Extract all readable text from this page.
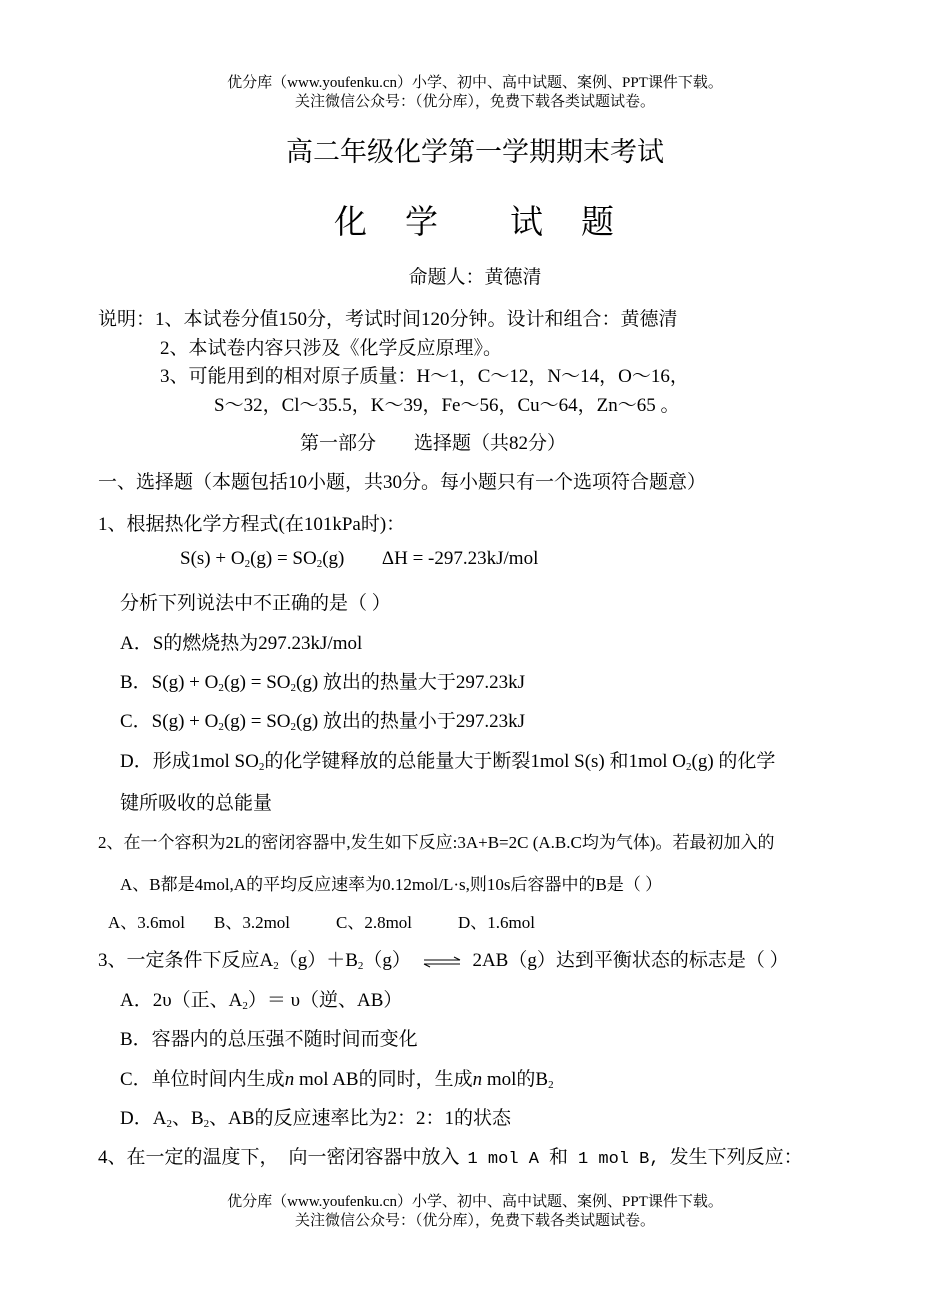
优分库（www.youfenku.cn）小学、初中、高中试题、案例、PPT课件下载。
关注微信公众号：（优分库），免费下载各类试题试卷。
高二年级化学第一学期期末考试
化 学 试 题
命题人：黄德清
说明：1、本试卷分值150分，考试时间120分钟。设计和组合：黄德清
2、本试卷内容只涉及《化学反应原理》。
3、可能用到的相对原子质量：H～1，C～12，N～14，O～16，
S～32，Cl～35.5，K～39，Fe～56，Cu～64，Zn～65 。
第一部分　　选择题（共82分）
一、选择题（本题包括10小题，共30分。每小题只有一个选项符合题意）
1、根据热化学方程式(在101kPa时)：
$S(s) + O_2(g) = SO_2(g) \Delta H = -297.23kJ/mol$
分析下列说法中不正确的是（ ）
A．S的燃烧热为297.23kJ/mol
B．$S(g) + O_2(g) = SO_2(g)$ 放出的热量大于297.23kJ
C．$S(g) + O_2(g) = SO_2(g)$ 放出的热量小于297.23kJ
D．形成1mol $SO_2$的化学键释放的总能量大于断裂1mol S(s) 和1mol $O_2(g)$ 的化学
键所吸收的总能量
2、在一个容积为2L的密闭容器中,发生如下反应:3A+B=2C (A.B.C均为气体)。若最初加入的
A、B都是4mol,A的平均反应速率为0.12mol/L·s,则10s后容器中的B是（ ）
A、3.6mol B、3.2mol	C、2.8mol	D、1.6mol
3、一定条件下反应$A_2(g)+B_2(g)$ ⇌ 2AB（g）达到平衡状态的标志是（ ）
A．2υ（正、$A_2)= \upsilon$（逆、AB）
B．容器内的总压强不随时间而变化
C．单位时间内生成n mol AB的同时，生成n mol的$B_2$
D．$A_2$、$B_2$、AB的反应速率比为2：2：1的状态
4、在一定的温度下， 向一密闭容器中放入 1 mol A 和 1 mol B, 发生下列反应：
优分库（www.youfenku.cn）小学、初中、高中试题、案例、PPT课件下载。
关注微信公众号：（优分库），免费下载各类试题试卷。
